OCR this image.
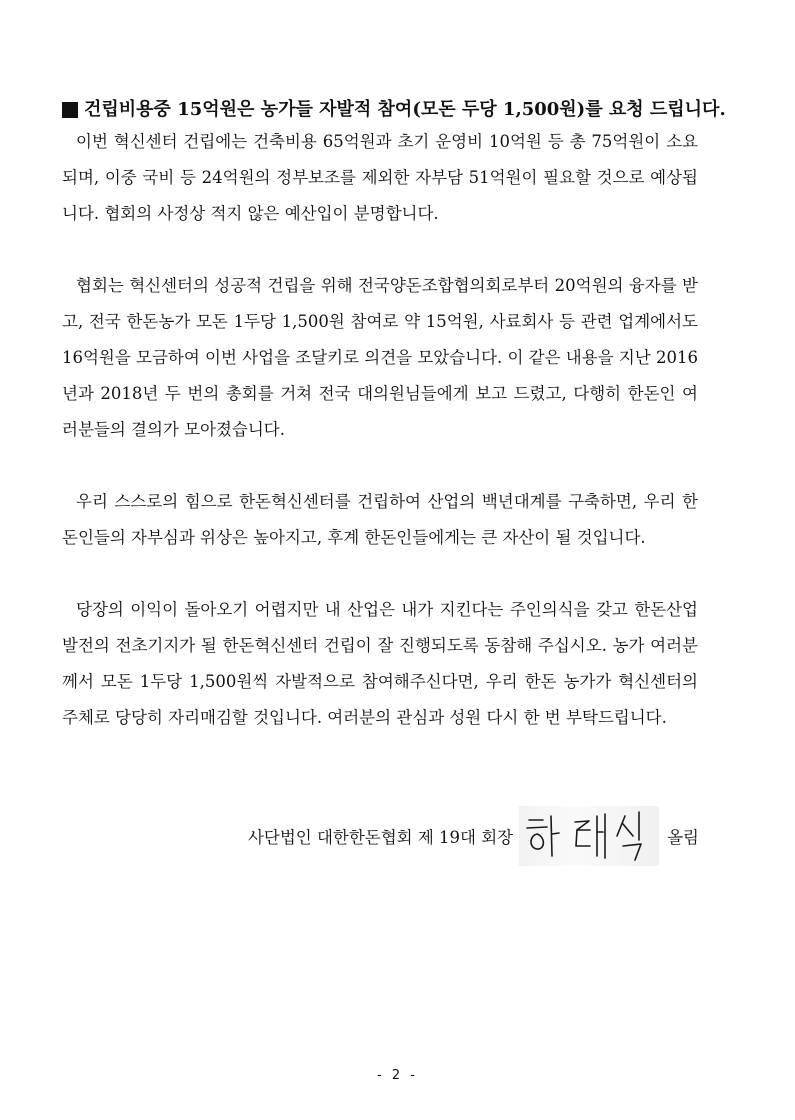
건립비용중 15억원은 농가들 자발적 참여(모돈 두당 1,500원)를 요청 드립니다.

이번 혁신센터 건립에는 건축비용 65억원과 초기 운영비 10억원 등 총 75억원이 소요되며, 이중 국비 등 24억원의 정부보조를 제외한 자부담 51억원이 필요할 것으로 예상됩니다. 협회의 사정상 적지 않은 예산입이 분명합니다.

협회는 혁신센터의 성공적 건립을 위해 전국양돈조합협의회로부터 20억원의 융자를 받고, 전국 한돈농가 모돈 1두당 1,500원 참여로 약 15억원, 사료회사 등 관련 업계에서도 16억원을 모금하여 이번 사업을 조달키로 의견을 모았습니다. 이 같은 내용을 지난 2016년과 2018년 두 번의 총회를 거쳐 전국 대의원님들에게 보고 드렸고, 다행히 한돈인 여러분들의 결의가 모아졌습니다.

우리 스스로의 힘으로 한돈혁신센터를 건립하여 산업의 백년대계를 구축하면, 우리 한돈인들의 자부심과 위상은 높아지고, 후계 한돈인들에게는 큰 자산이 될 것입니다.

당장의 이익이 돌아오기 어렵지만 내 산업은 내가 지킨다는 주인의식을 갖고 한돈산업 발전의 전초기지가 될 한돈혁신센터 건립이 잘 진행되도록 동참해 주십시오. 농가 여러분께서 모돈 1두당 1,500원씩 자발적으로 참여해주신다면, 우리 한돈 농가가 혁신센터의 주체로 당당히 자리매김할 것입니다. 여러분의 관심과 성원 다시 한 번 부탁드립니다.

사단법인 대한한돈협회 제 19대 회장	올림
- 2 -
